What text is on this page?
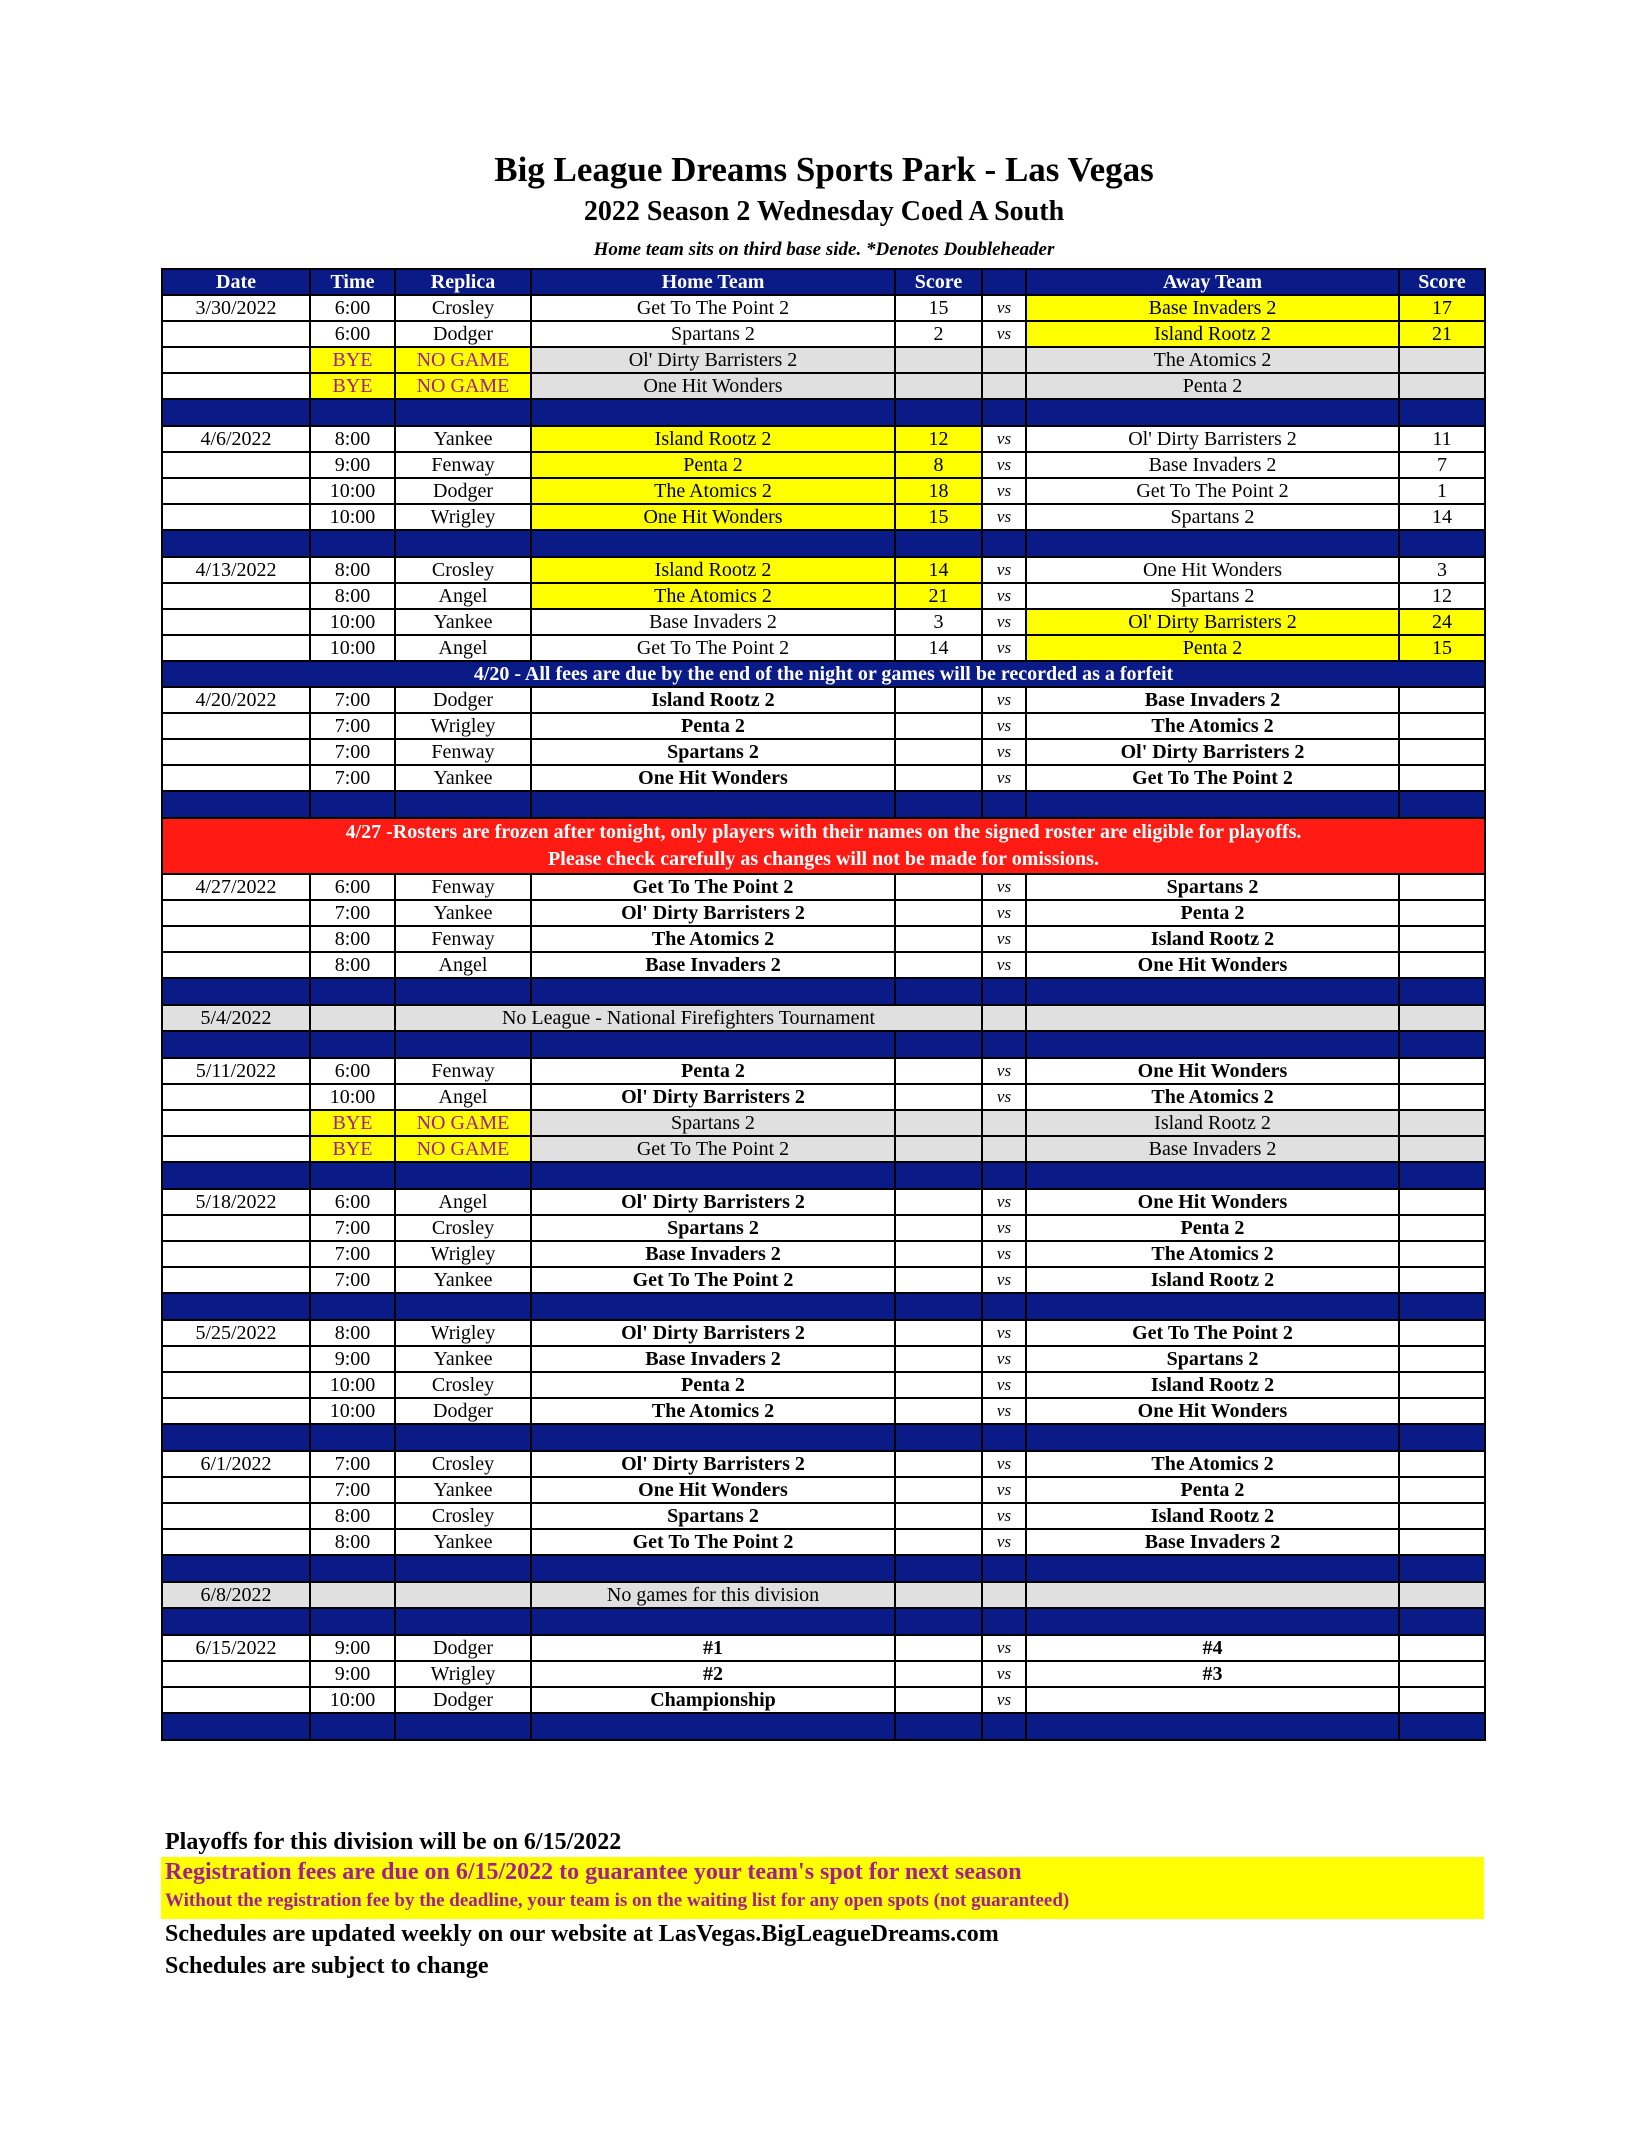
Big League Dreams Sports Park - Las Vegas
2022 Season 2 Wednesday Coed A South
Home team sits on third base side. *Denotes Doubleheader
Date	Time	Replica	Home Team	Score		Away Team	Score
3/30/2022	6:00	Crosley	Get To The Point 2	15	vs	Base Invaders 2	17
	6:00	Dodger	Spartans 2	2	vs	Island Rootz 2	21
	BYE	NO GAME	Ol' Dirty Barristers 2			The Atomics 2	
	BYE	NO GAME	One Hit Wonders			Penta 2	

4/6/2022	8:00	Yankee	Island Rootz 2	12	vs	Ol' Dirty Barristers 2	11
	9:00	Fenway	Penta 2	8	vs	Base Invaders 2	7
	10:00	Dodger	The Atomics 2	18	vs	Get To The Point 2	1
	10:00	Wrigley	One Hit Wonders	15	vs	Spartans 2	14

4/13/2022	8:00	Crosley	Island Rootz 2	14	vs	One Hit Wonders	3
	8:00	Angel	The Atomics 2	21	vs	Spartans 2	12
	10:00	Yankee	Base Invaders 2	3	vs	Ol' Dirty Barristers 2	24
	10:00	Angel	Get To The Point 2	14	vs	Penta 2	15
4/20 - All fees are due by the end of the night or games will be recorded as a forfeit							
4/20/2022	7:00	Dodger	Island Rootz 2		vs	Base Invaders 2	
	7:00	Wrigley	Penta 2		vs	The Atomics 2	
	7:00	Fenway	Spartans 2		vs	Ol' Dirty Barristers 2	
	7:00	Yankee	One Hit Wonders		vs	Get To The Point 2	

4/27 -Rosters are frozen after tonight, only players with their names on the signed roster are eligible for playoffs.
Please check carefully as changes will not be made for omissions.							

4/27/2022	6:00	Fenway	Get To The Point 2		vs	Spartans 2	
	7:00	Yankee	Ol' Dirty Barristers 2		vs	Penta 2	
	8:00	Fenway	The Atomics 2		vs	Island Rootz 2	
	8:00	Angel	Base Invaders 2		vs	One Hit Wonders	

5/4/2022		No League - National Firefighters Tournament					

5/11/2022	6:00	Fenway	Penta 2		vs	One Hit Wonders	
	10:00	Angel	Ol' Dirty Barristers 2		vs	The Atomics 2	
	BYE	NO GAME	Spartans 2			Island Rootz 2	
	BYE	NO GAME	Get To The Point 2			Base Invaders 2	

5/18/2022	6:00	Angel	Ol' Dirty Barristers 2		vs	One Hit Wonders	
	7:00	Crosley	Spartans 2		vs	Penta 2	
	7:00	Wrigley	Base Invaders 2		vs	The Atomics 2	
	7:00	Yankee	Get To The Point 2		vs	Island Rootz 2	

5/25/2022	8:00	Wrigley	Ol' Dirty Barristers 2		vs	Get To The Point 2	
	9:00	Yankee	Base Invaders 2		vs	Spartans 2	
	10:00	Crosley	Penta 2		vs	Island Rootz 2	
	10:00	Dodger	The Atomics 2		vs	One Hit Wonders	

6/1/2022	7:00	Crosley	Ol' Dirty Barristers 2		vs	The Atomics 2	
	7:00	Yankee	One Hit Wonders		vs	Penta 2	
	8:00	Crosley	Spartans 2		vs	Island Rootz 2	
	8:00	Yankee	Get To The Point 2		vs	Base Invaders 2	

6/8/2022			No games for this division				

6/15/2022	9:00	Dodger	#1		vs	#4	
	9:00	Wrigley	#2		vs	#3	
	10:00	Dodger	Championship		vs		

Playoffs for this division will be on 6/15/2022
Registration fees are due on 6/15/2022 to guarantee your team's spot for next season
Without the registration fee by the deadline, your team is on the waiting list for any open spots (not guaranteed)
Schedules are updated weekly on our website at LasVegas.BigLeagueDreams.com
Schedules are subject to change
